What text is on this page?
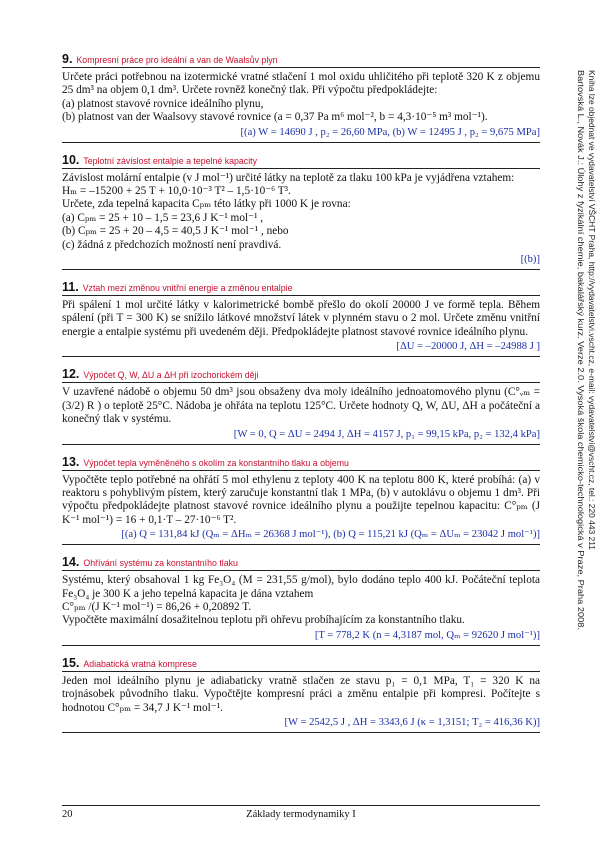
9. Kompresní práce pro ideální a van de Waalsův plyn

Určete práci potřebnou na izotermické vratné stlačení 1 mol oxidu uhličitého při teplotě 320 K z objemu 25 dm³ na objem 0,1 dm³. Určete rovněž konečný tlak. Při výpočtu předpokládejte:

(a) platnost stavové rovnice ideálního plynu,

(b) platnost van der Waalsovy stavové rovnice (a = 0,37 Pa m⁶ mol⁻², b = 4,3·10⁻⁵ m³ mol⁻¹).

[(a) W = 14690 J , p₂ = 26,60 MPa, (b) W = 12495 J , p₂ = 9,675 MPa]
10. Teplotní závislost entalpie a tepelné kapacity

Závislost molární entalpie (v J mol⁻¹) určité látky na teplotě za tlaku 100 kPa je vyjádřena vztahem:

Hₘ = –15200 + 25 T + 10,0·10⁻³ T² – 1,5·10⁻⁶ T³.

Určete, zda tepelná kapacita Cₚₘ této látky při 1000 K je rovna:

(a) Cₚₘ = 25 + 10 – 1,5 = 23,6 J K⁻¹ mol⁻¹ ,

(b) Cₚₘ = 25 + 20 – 4,5 = 40,5 J K⁻¹ mol⁻¹ , nebo

(c) žádná z předchozích možností není pravdivá.

[(b)]
11. Vztah mezi změnou vnitřní energie a změnou entalpie

Při spálení 1 mol určité látky v kalorimetrické bombě přešlo do okolí 20000 J ve formě tepla. Během spálení (při T = 300 K) se snížilo látkové množství látek v plynném stavu o 2 mol. Určete změnu vnitřní energie a entalpie systému při uvedeném ději. Předpokládejte platnost stavové rovnice ideálního plynu.

[ΔU = –20000 J, ΔH = –24988 J ]
12. Výpočet Q, W, ΔU a ΔH při izochorickém ději

V uzavřené nádobě o objemu 50 dm³ jsou obsaženy dva moly ideálního jednoatomového plynu (C°ᵥₘ = (3/2) R ) o teplotě 25°C. Nádoba je ohřáta na teplotu 125°C. Určete hodnoty Q, W, ΔU, ΔH a počáteční a konečný tlak v systému.

[W = 0, Q = ΔU = 2494 J, ΔH = 4157 J, p₁ = 99,15 kPa, p₂ = 132,4 kPa]
13. Výpočet tepla vyměněného s okolím za konstantního tlaku a objemu

Vypočtěte teplo potřebné na ohřátí 5 mol ethylenu z teploty 400 K na teplotu 800 K, které probíhá: (a) v reaktoru s pohyblivým pístem, který zaručuje konstantní tlak 1 MPa, (b) v autoklávu o objemu 1 dm³. Při výpočtu předpokládejte platnost stavové rovnice ideálního plynu a použijte tepelnou kapacitu: C°ₚₘ (J K⁻¹ mol⁻¹) = 16 + 0,1·T – 27·10⁻⁶ T².

[(a) Q = 131,84 kJ (Qₘ = ΔHₘ = 26368 J mol⁻¹), (b) Q = 115,21 kJ (Qₘ = ΔUₘ = 23042 J mol⁻¹)]
14. Ohřívání systému za konstantního tlaku

Systému, který obsahoval 1 kg Fe₃O₄ (M = 231,55 g/mol), bylo dodáno teplo 400 kJ. Počáteční teplota Fe₃O₄ je 300 K a jeho tepelná kapacita je dána vztahem

C°ₚₘ /(J K⁻¹ mol⁻¹) = 86,26 + 0,20892 T.

Vypočtěte maximální dosažitelnou teplotu při ohřevu probíhajícím za konstantního tlaku.

[T = 778,2 K (n = 4,3187 mol, Qₘ = 92620 J mol⁻¹)]
15. Adiabatická vratná komprese

Jeden mol ideálního plynu je adiabaticky vratně stlačen ze stavu p₁ = 0,1 MPa, T₁ = 320 K na trojnásobek původního tlaku. Vypočtějte kompresní práci a změnu entalpie při kompresi. Počítejte s hodnotou C°ₚₘ = 34,7 J K⁻¹ mol⁻¹.

[W = 2542,5 J , ΔH = 3343,6 J (κ = 1,3151; T₂ = 416,36 K)]
20	Základy termodynamiky I
Bartovská L., Novák J.: Úlohy z fyzikální chemie, bakalářský kurz. Verze 2.0. Vysoká škola chemicko-technologická v Praze, Praha 2008. Kniha lze objednat ve vydavatelství VŠCHT Praha, http://vydavatelstvi.vscht.cz, e-mail: vydavatelstvi@vscht.cz, tel.: 220 443 211
